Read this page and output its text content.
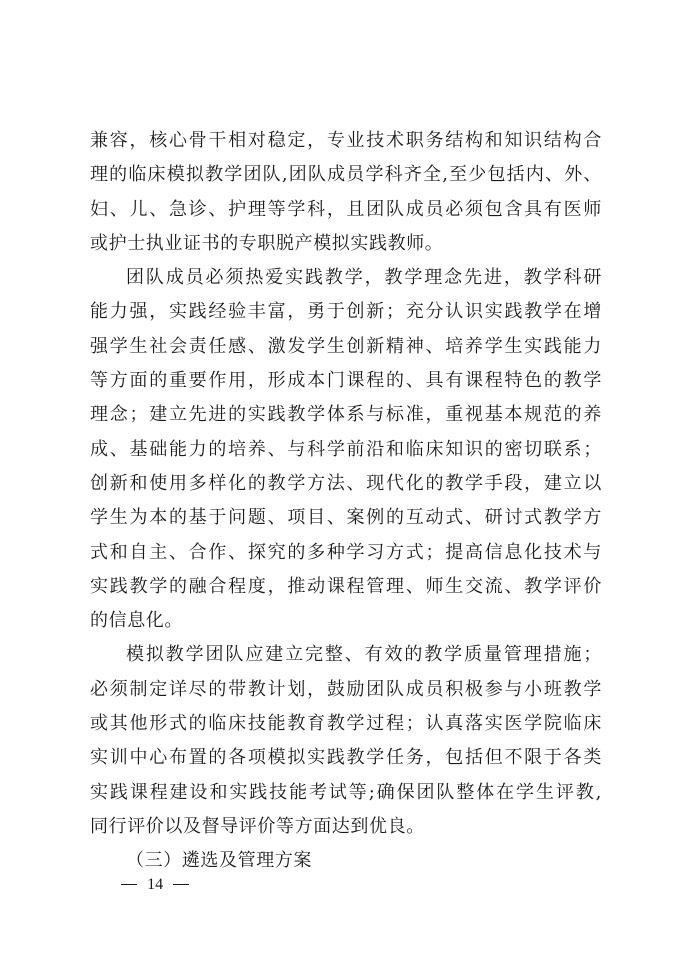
兼容，核心骨干相对稳定，专业技术职务结构和知识结构合
理的临床模拟教学团队,团队成员学科齐全,至少包括内、外、
妇、儿、急诊、护理等学科，且团队成员必须包含具有医师
或护士执业证书的专职脱产模拟实践教师。
团队成员必须热爱实践教学，教学理念先进，教学科研
能力强，实践经验丰富，勇于创新；充分认识实践教学在增
强学生社会责任感、激发学生创新精神、培养学生实践能力
等方面的重要作用，形成本门课程的、具有课程特色的教学
理念；建立先进的实践教学体系与标准，重视基本规范的养
成、基础能力的培养、与科学前沿和临床知识的密切联系；
创新和使用多样化的教学方法、现代化的教学手段，建立以
学生为本的基于问题、项目、案例的互动式、研讨式教学方
式和自主、合作、探究的多种学习方式；提高信息化技术与
实践教学的融合程度，推动课程管理、师生交流、教学评价
的信息化。
模拟教学团队应建立完整、有效的教学质量管理措施；
必须制定详尽的带教计划，鼓励团队成员积极参与小班教学
或其他形式的临床技能教育教学过程；认真落实医学院临床
实训中心布置的各项模拟实践教学任务，包括但不限于各类
实践课程建设和实践技能考试等;确保团队整体在学生评教,
同行评价以及督导评价等方面达到优良。
（三）遴选及管理方案
14
